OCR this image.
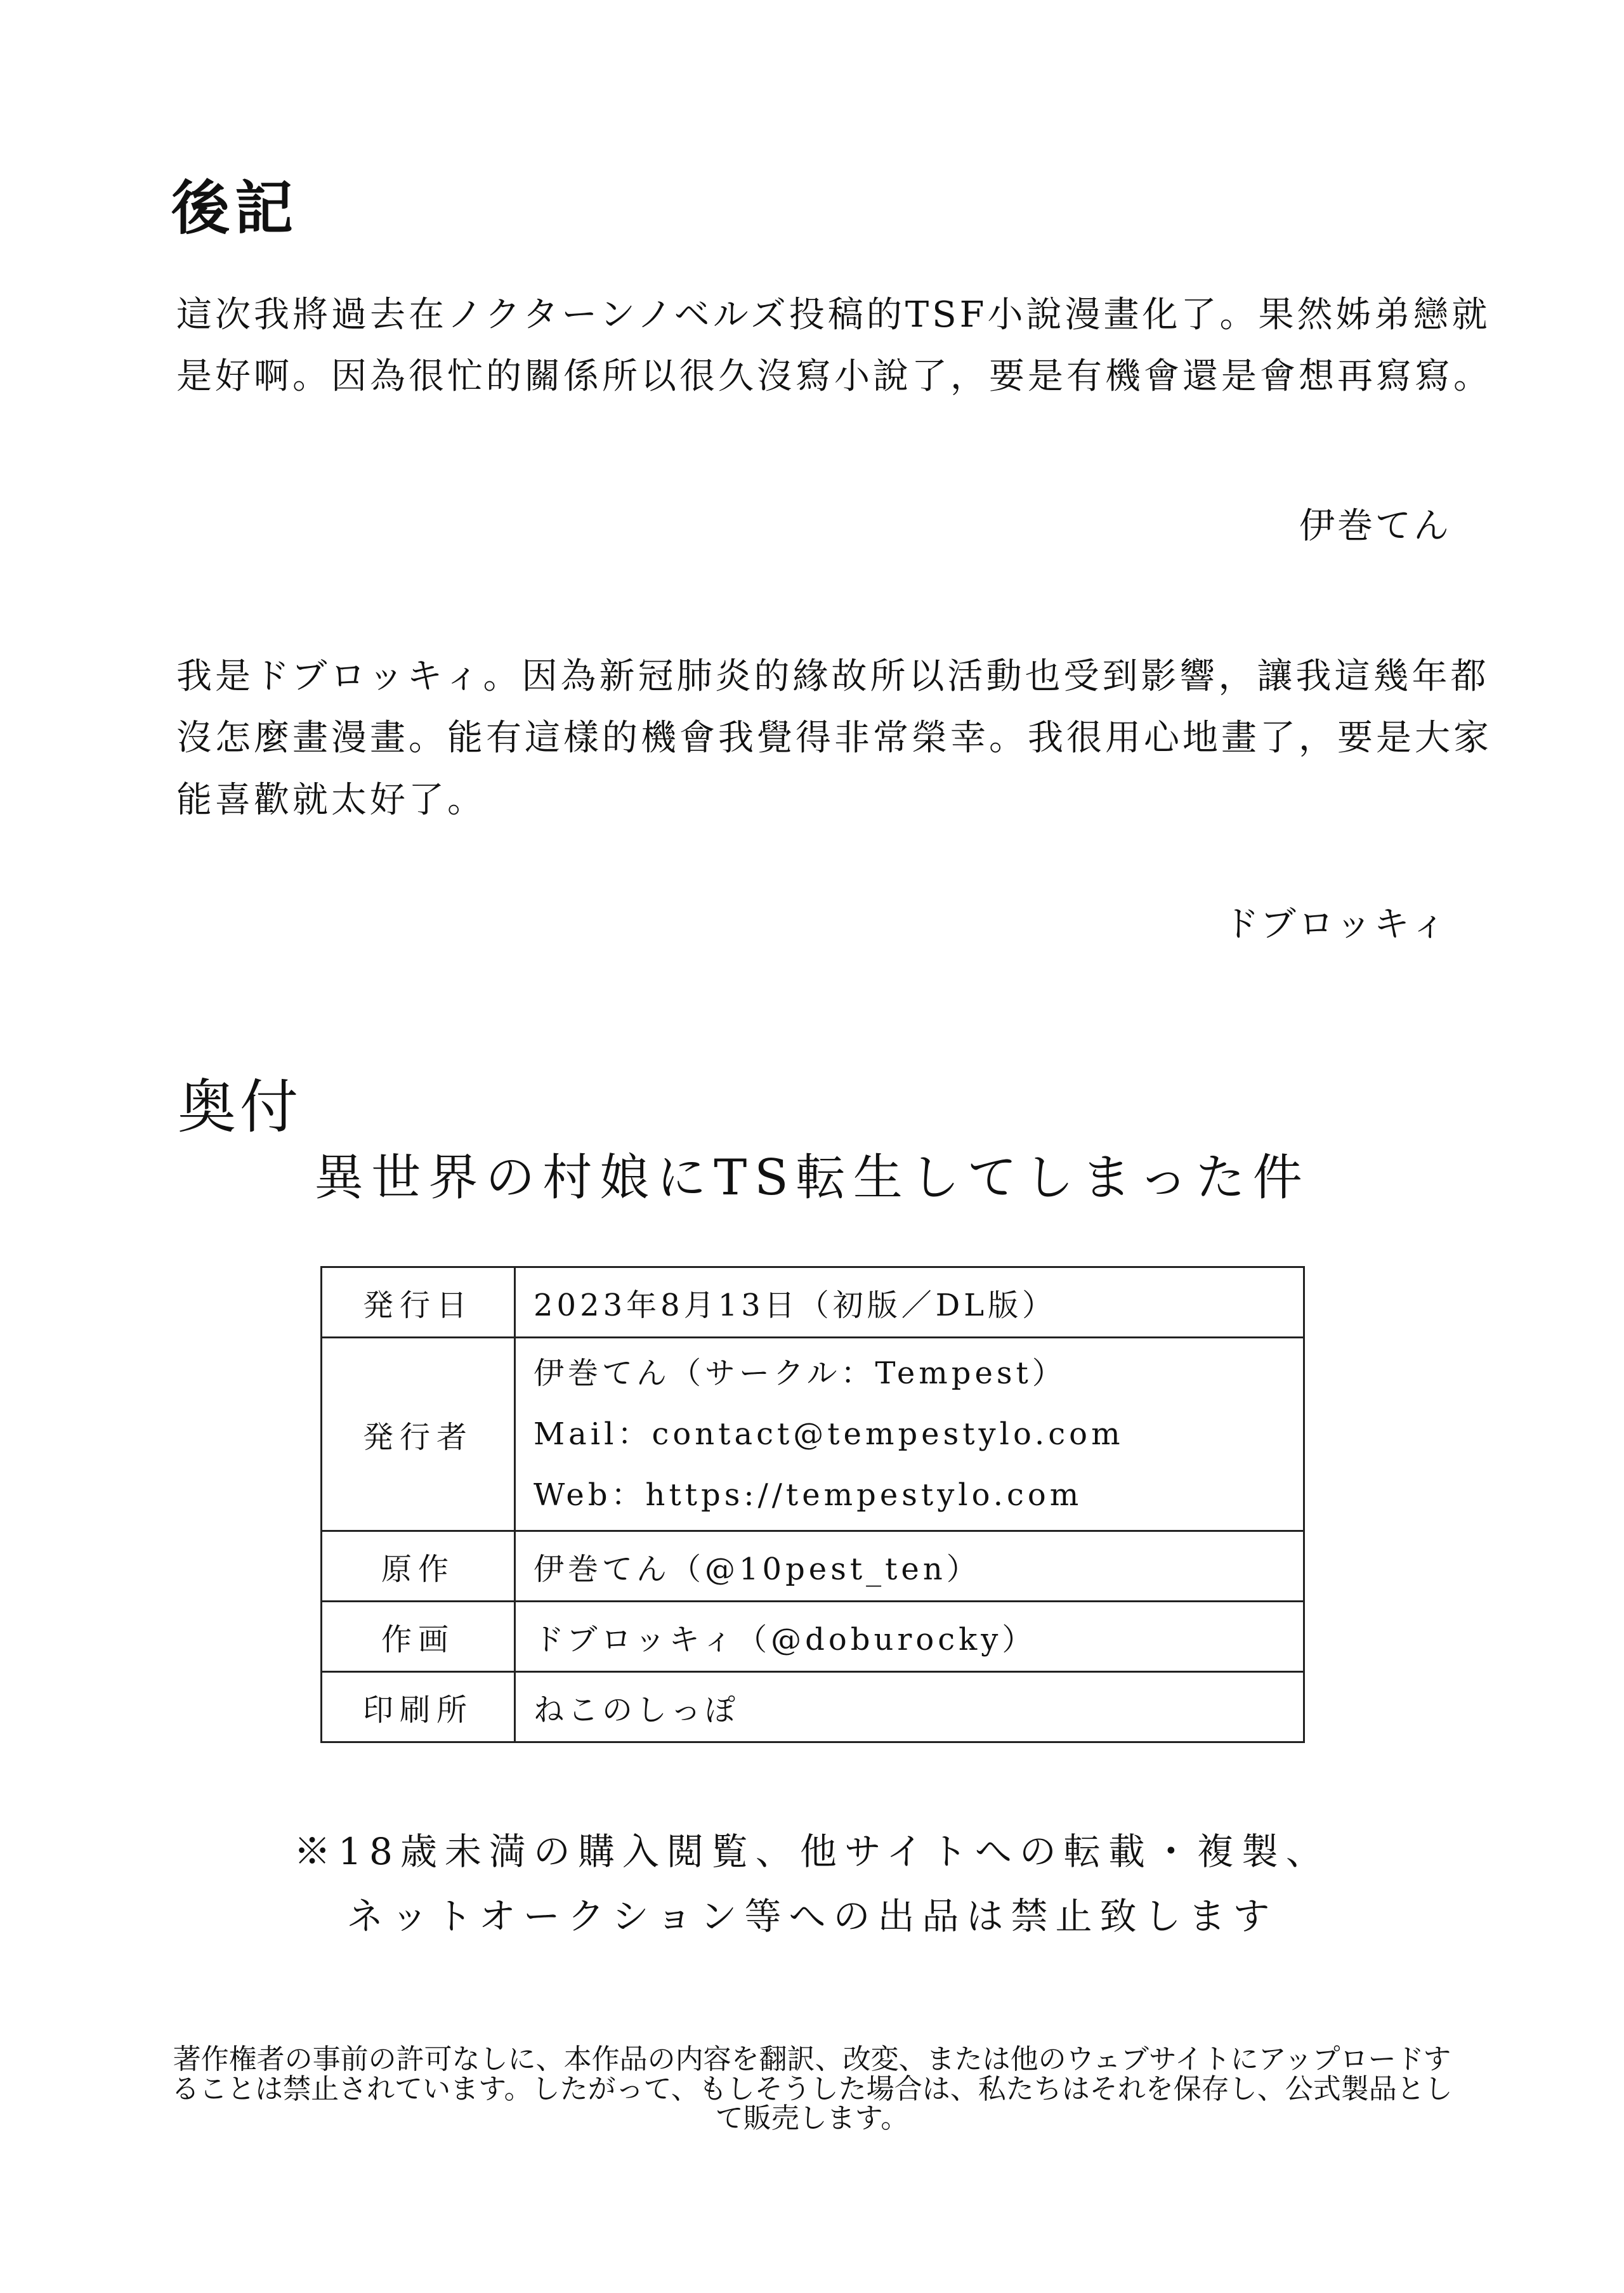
後記

這次我將過去在ノクターンノベルズ投稿的TSF小說漫畫化了。果然姊弟戀就是好啊。因為很忙的關係所以很久沒寫小說了，要是有機會還是會想再寫寫。

伊巻てん

我是ドブロッキィ。因為新冠肺炎的緣故所以活動也受到影響，讓我這幾年都沒怎麼畫漫畫。能有這樣的機會我覺得非常榮幸。我很用心地畫了，要是大家能喜歡就太好了。

ドブロッキィ
奥付
異世界の村娘にTS転生してしまった件
発行日	2023年8月13日（初版／DL版）
発行者	伊巻てん（サークル：Tempest）
Mail：contact@tempestylo.com
Web：https://tempestylo.com

原作	伊巻てん（@10pest_ten）
作画	ドブロッキィ（@doburocky）
印刷所	ねこのしっぽ
※18歳未満の購入閲覧、他サイトへの転載・複製、
ネットオークション等への出品は禁止致します

著作権者の事前の許可なしに、本作品の内容を翻訳、改変、または他のウェブサイトにアップロードすることは禁止されています。したがって、もしそうした場合は、私たちはそれを保存し、公式製品として販売します。
